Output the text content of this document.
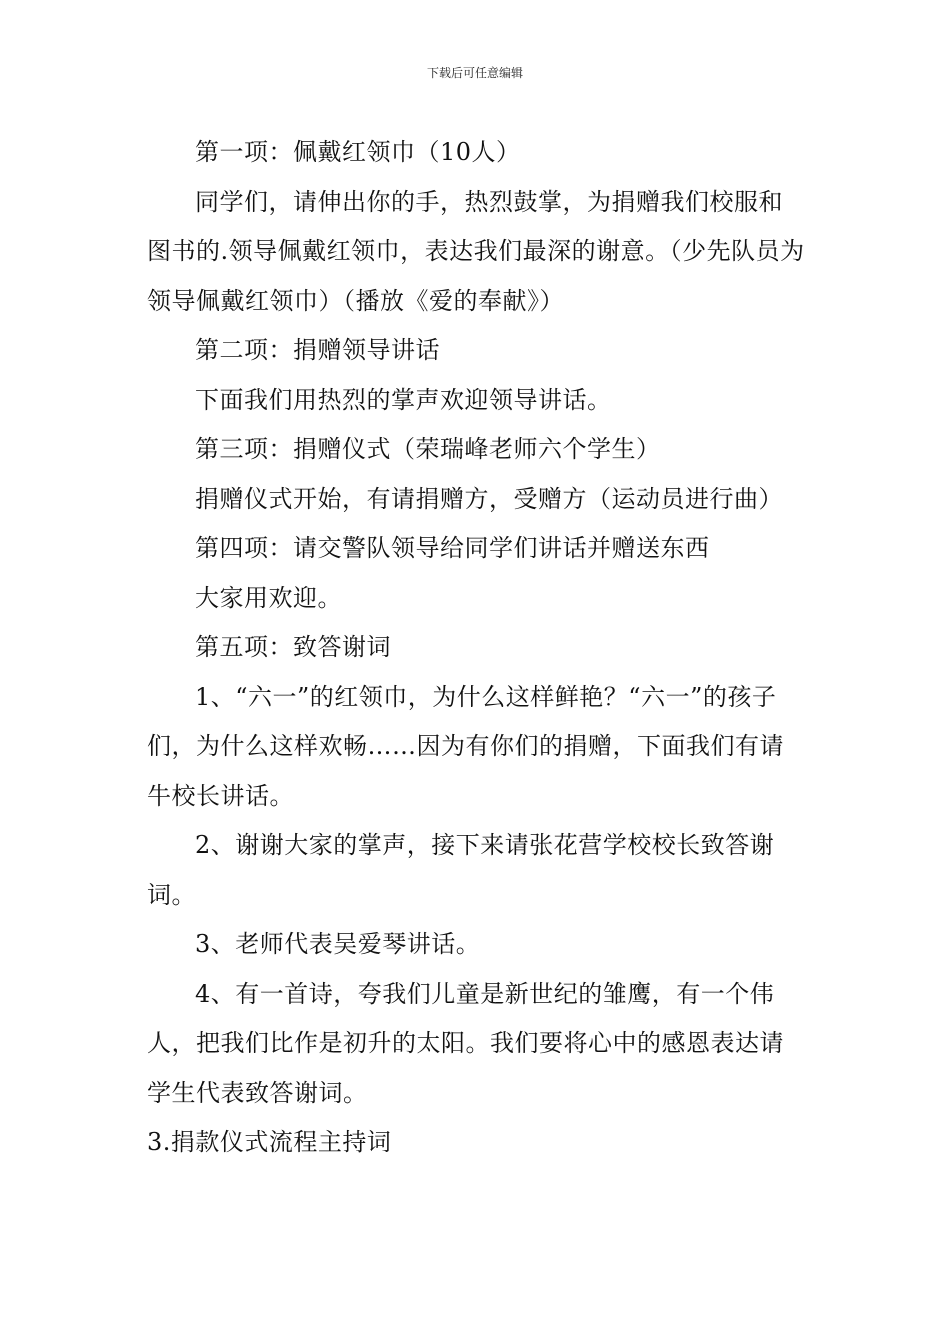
下载后可任意编辑

第一项：佩戴红领巾（10人）

同学们，请伸出你的手，热烈鼓掌，为捐赠我们校服和图书的.领导佩戴红领巾，表达我们最深的谢意。（少先队员为领导佩戴红领巾）（播放《爱的奉献》）

第二项：捐赠领导讲话

下面我们用热烈的掌声欢迎领导讲话。

第三项：捐赠仪式（荣瑞峰老师六个学生）

捐赠仪式开始，有请捐赠方，受赠方（运动员进行曲）

第四项：请交警队领导给同学们讲话并赠送东西

大家用欢迎。

第五项：致答谢词

1、“六一”的红领巾，为什么这样鲜艳？“六一”的孩子们，为什么这样欢畅……因为有你们的捐赠，下面我们有请牛校长讲话。

2、谢谢大家的掌声，接下来请张花营学校校长致答谢词。

3、老师代表吴爱琴讲话。

4、有一首诗，夸我们儿童是新世纪的雏鹰，有一个伟人，把我们比作是初升的太阳。我们要将心中的感恩表达请学生代表致答谢词。

3.捐款仪式流程主持词
